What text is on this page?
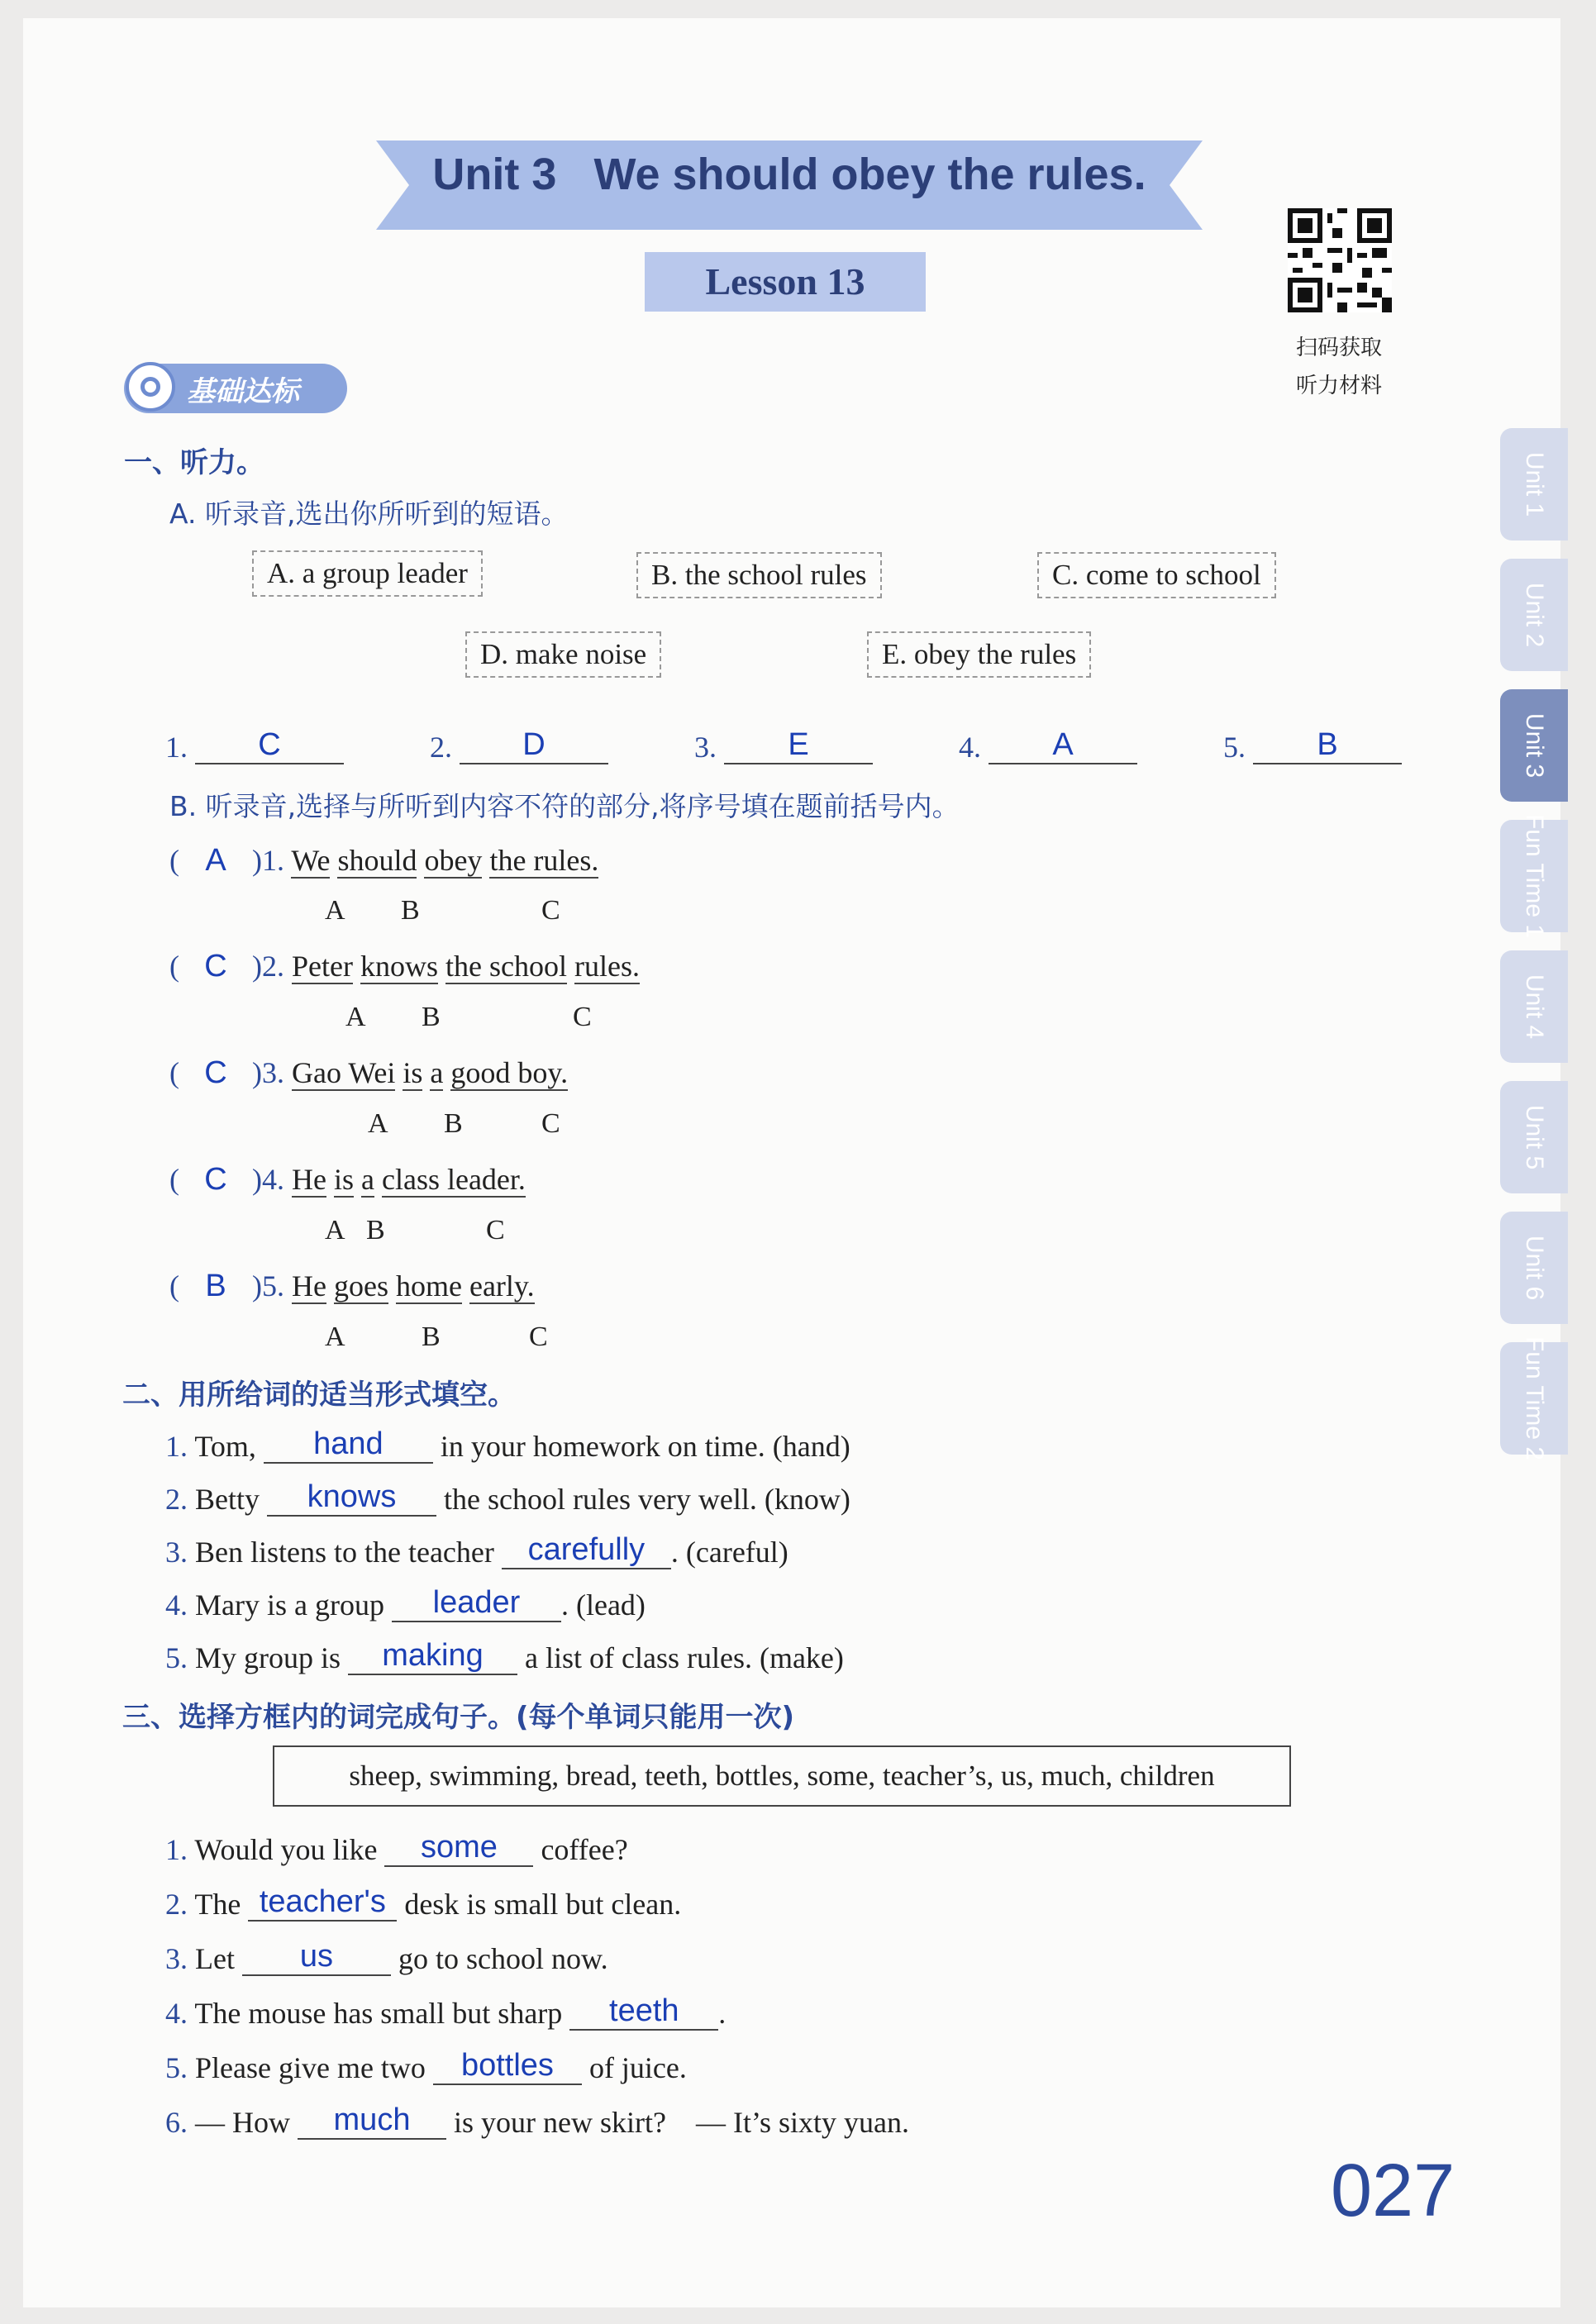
Unit 3 We should obey the rules.
Lesson 13
扫码获取
听力材料
基础达标
一、听力。
A. 听录音,选出你所听到的短语。
A. a group leader	B. the school rules	C. come to school
D. make noise	E. obey the rules
1. C	2. D	3. E	4. A	5. B
B. 听录音,选择与所听到内容不符的部分,将序号填在题前括号内。
( A )1. We should obey the rules.
A B	C
( C )2. Peter knows the school rules.
A B	C
( C )3. Gao Wei is a good boy.
A B	C
( C )4. He is a class leader.
A B	C
( B )5. He goes home early.
A	B	C
二、用所给词的适当形式填空。
1. Tom, hand in your homework on time. (hand)
2. Betty knows the school rules very well. (know)
3. Ben listens to the teacher carefully . (careful)
4. Mary is a group leader . (lead)
5. My group is making a list of class rules. (make)
三、选择方框内的词完成句子。(每个单词只能用一次)
sheep, swimming, bread, teeth, bottles, some, teacher’s, us, much, children
1. Would you like some coffee?
2. The teacher's desk is small but clean.
3. Let us go to school now.
4. The mouse has small but sharp teeth .
5. Please give me two bottles of juice.
6. — How much is your new skirt?    — It’s sixty yuan.
Unit 1
Unit 2
Unit 3
Fun Time 1
Unit 4
Unit 5
Unit 6
Fun Time 2
027
